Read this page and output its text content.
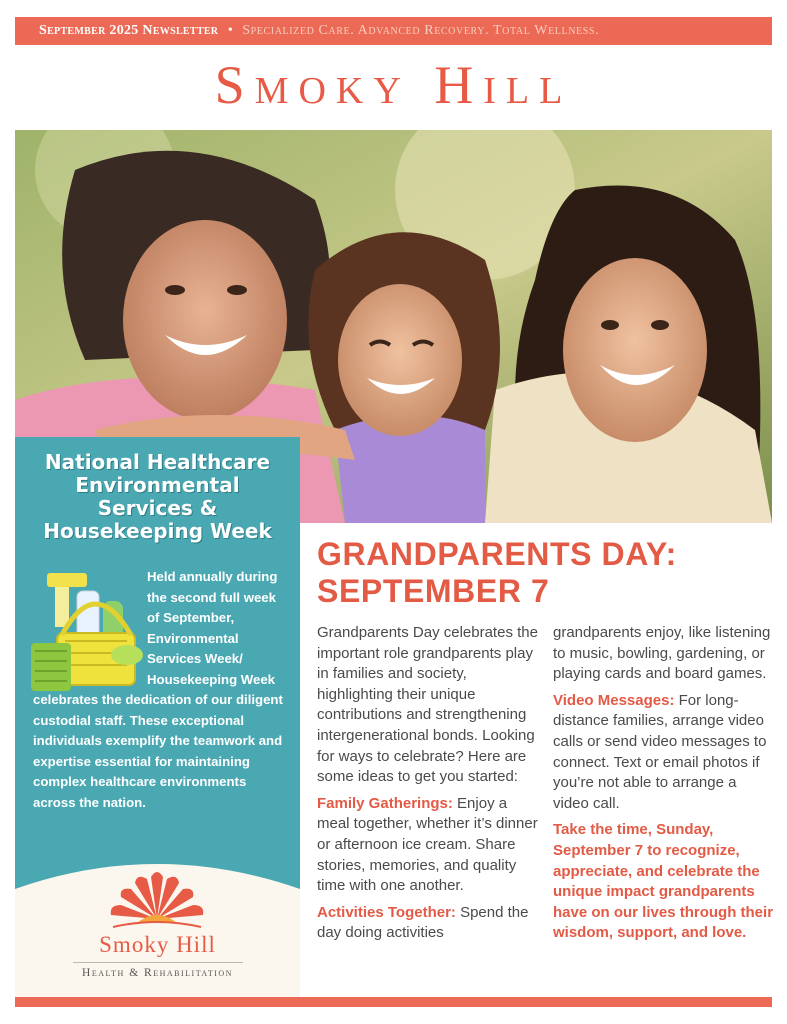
September 2025 Newsletter • Specialized Care. Advanced Recovery. Total Wellness.
Smoky Hill
National Healthcare Environmental Services & Housekeeping Week
Held annually during the second full week of September, Environmental Services Week/ Housekeeping Week celebrates the dedication of our diligent custodial staff. These exceptional individuals exemplify the teamwork and expertise essential for maintaining complex healthcare environments across the nation.
Smoky Hill
Health & Rehabilitation
GRANDPARENTS DAY:
SEPTEMBER 7

Grandparents Day celebrates the important role grandparents play in families and society, highlighting their unique contributions and strengthening intergenerational bonds. Looking for ways to celebrate? Here are some ideas to get you started:

Family Gatherings: Enjoy a meal together, whether it’s dinner or afternoon ice cream. Share stories, memories, and quality time with one another.

Activities Together: Spend the day doing activities

grandparents enjoy, like listening to music, bowling, gardening, or playing cards and board games.

Video Messages: For long-distance families, arrange video calls or send video messages to connect. Text or email photos if you’re not able to arrange a video call.

Take the time, Sunday, September 7 to recognize, appreciate, and celebrate the unique impact grandparents have on our lives through their wisdom, support, and love.
